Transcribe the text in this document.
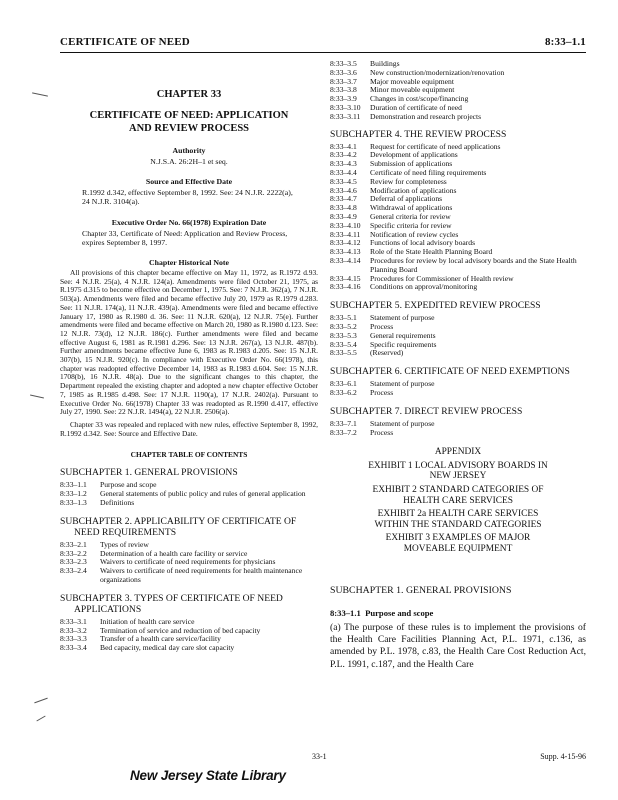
CERTIFICATE OF NEED	8:33–1.1
CHAPTER 33
CERTIFICATE OF NEED: APPLICATION
AND REVIEW PROCESS
Authority
N.J.S.A. 26:2H–1 et seq.
Source and Effective Date
R.1992 d.342, effective September 8, 1992. See: 24 N.J.R. 2222(a), 24 N.J.R. 3104(a).
Executive Order No. 66(1978) Expiration Date
Chapter 33, Certificate of Need: Application and Review Process, expires September 8, 1997.
Chapter Historical Note
All provisions of this chapter became effective on May 11, 1972, as R.1972 d.93. See: 4 N.J.R. 25(a), 4 N.J.R. 124(a). Amendments were filed October 21, 1975, as R.1975 d.315 to become effective on December 1, 1975. See: 7 N.J.R. 362(a), 7 N.J.R. 503(a). Amendments were filed and became effective July 20, 1979 as R.1979 d.283. See: 11 N.J.R. 174(a), 11 N.J.R. 439(a). Amendments were filed and became effective January 17, 1980 as R.1980 d. 36. See: 11 N.J.R. 620(a), 12 N.J.R. 75(e). Further amendments were filed and became effective on March 20, 1980 as R.1980 d.123. See: 12 N.J.R. 73(d), 12 N.J.R. 186(c). Further amendments were filed and became effective August 6, 1981 as R.1981 d.296. See: 13 N.J.R. 267(a), 13 N.J.R. 487(b). Further amendments became effective June 6, 1983 as R.1983 d.205. See: 15 N.J.R. 307(b), 15 N.J.R. 920(c). In compliance with Executive Order No. 66(1978), this chapter was readopted effective December 14, 1983 as R.1983 d.604. See: 15 N.J.R. 1708(b), 16 N.J.R. 48(a). Due to the significant changes to this chapter, the Department repealed the existing chapter and adopted a new chapter effective October 7, 1985 as R.1985 d.498. See: 17 N.J.R. 1190(a), 17 N.J.R. 2402(a). Pursuant to Executive Order No. 66(1978) Chapter 33 was readopted as R.1990 d.417, effective July 27, 1990. See: 22 N.J.R. 1494(a), 22 N.J.R. 2506(a).
Chapter 33 was repealed and replaced with new rules, effective September 8, 1992, R.1992 d.342. See: Source and Effective Date.
CHAPTER TABLE OF CONTENTS
SUBCHAPTER 1. GENERAL PROVISIONS
8:33–1.1	Purpose and scope
8:33–1.2	General statements of public policy and rules of general application
8:33–1.3	Definitions
SUBCHAPTER 2. APPLICABILITY OF CERTIFICATE OF NEED REQUIREMENTS
8:33–2.1	Types of review
8:33–2.2	Determination of a health care facility or service
8:33–2.3	Waivers to certificate of need requirements for physicians
8:33–2.4	Waivers to certificate of need requirements for health maintenance organizations
SUBCHAPTER 3. TYPES OF CERTIFICATE OF NEED APPLICATIONS
8:33–3.1	Initiation of health care service
8:33–3.2	Termination of service and reduction of bed capacity
8:33–3.3	Transfer of a health care service/facility
8:33–3.4	Bed capacity, medical day care slot capacity
8:33–3.5	Buildings
8:33–3.6	New construction/modernization/renovation
8:33–3.7	Major moveable equipment
8:33–3.8	Minor moveable equipment
8:33–3.9	Changes in cost/scope/financing
8:33–3.10	Duration of certificate of need
8:33–3.11	Demonstration and research projects
SUBCHAPTER 4. THE REVIEW PROCESS
8:33–4.1	Request for certificate of need applications
8:33–4.2	Development of applications
8:33–4.3	Submission of applications
8:33–4.4	Certificate of need filing requirements
8:33–4.5	Review for completeness
8:33–4.6	Modification of applications
8:33–4.7	Deferral of applications
8:33–4.8	Withdrawal of applications
8:33–4.9	General criteria for review
8:33–4.10	Specific criteria for review
8:33–4.11	Notification of review cycles
8:33–4.12	Functions of local advisory boards
8:33–4.13	Role of the State Health Planning Board
8:33–4.14	Procedures for review by local advisory boards and the State Health Planning Board
8:33–4.15	Procedures for Commissioner of Health review
8:33–4.16	Conditions on approval/monitoring
SUBCHAPTER 5. EXPEDITED REVIEW PROCESS
8:33–5.1	Statement of purpose
8:33–5.2	Process
8:33–5.3	General requirements
8:33–5.4	Specific requirements
8:33–5.5	(Reserved)
SUBCHAPTER 6. CERTIFICATE OF NEED EXEMPTIONS
8:33–6.1	Statement of purpose
8:33–6.2	Process
SUBCHAPTER 7. DIRECT REVIEW PROCESS
8:33–7.1	Statement of purpose
8:33–7.2	Process
APPENDIX
EXHIBIT 1 LOCAL ADVISORY BOARDS IN NEW JERSEY
EXHIBIT 2 STANDARD CATEGORIES OF HEALTH CARE SERVICES
EXHIBIT 2a HEALTH CARE SERVICES WITHIN THE STANDARD CATEGORIES
EXHIBIT 3 EXAMPLES OF MAJOR MOVEABLE EQUIPMENT
SUBCHAPTER 1. GENERAL PROVISIONS
8:33–1.1 Purpose and scope
(a) The purpose of these rules is to implement the provisions of the Health Care Facilities Planning Act, P.L. 1971, c.136, as amended by P.L. 1978, c.83, the Health Care Cost Reduction Act, P.L. 1991, c.187, and the Health Care
33-1	Supp. 4-15-96
New Jersey State Library
